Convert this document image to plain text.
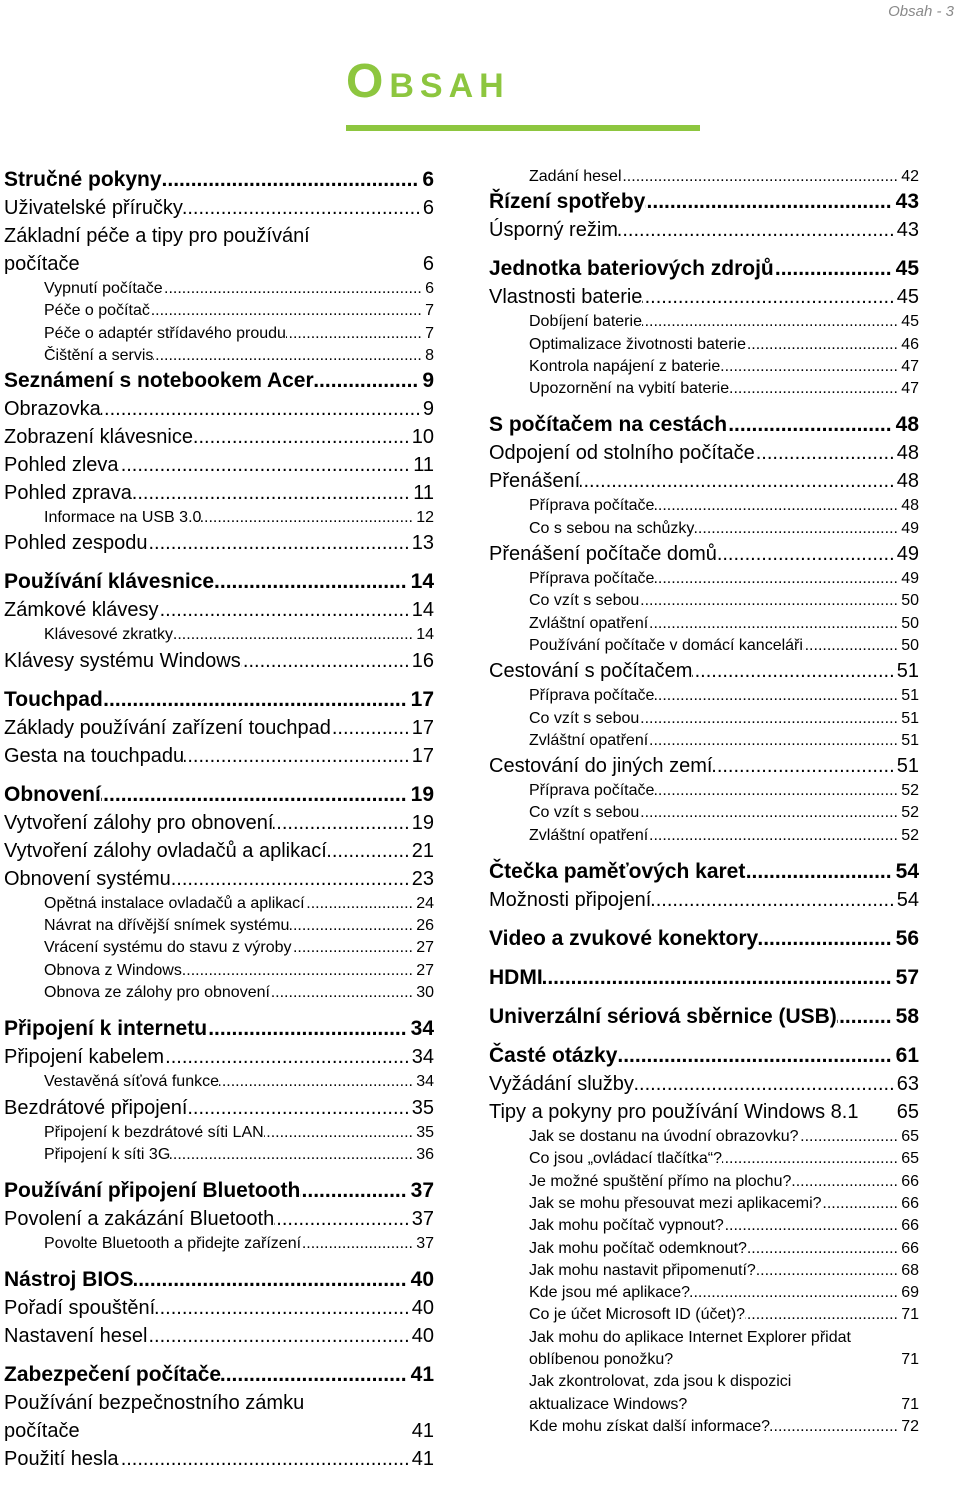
Obsah - 3
Obsah
Stručné pokyny	6
.....
Uživatelské příručky	6
.....
Základní péče a tipy pro používání počítače	6
Vypnutí počítače	6
.....
Péče o počítač	7
.....
Péče o adaptér střídavého proudu	7
.....
Čištění a servis	8
.....
Seznámení s notebookem Acer	9
.....
Obrazovka	9
.....
Zobrazení klávesnice	10
.....
Pohled zleva	11
.....
Pohled zprava	11
.....
Informace na USB 3.0	12
.....
Pohled zespodu	13
.....
Používání klávesnice	14
.....
Zámkové klávesy	14
.....
Klávesové zkratky	14
.....
Klávesy systému Windows	16
.....
Touchpad	17
.....
Základy používání zařízení touchpad	17
.....
Gesta na touchpadu	17
.....
Obnovení	19
.....
Vytvoření zálohy pro obnovení	19
.....
Vytvoření zálohy ovladačů a aplikací	21
.....
Obnovení systému	23
.....
Opětná instalace ovladačů a aplikací	24
.....
Návrat na dřívější snímek systému	26
.....
Vrácení systému do stavu z výroby	27
.....
Obnova z Windows	27
.....
Obnova ze zálohy pro obnovení	30
.....
Připojení k internetu	34
.....
Připojení kabelem	34
.....
Vestavěná síťová funkce	34
.....
Bezdrátové připojení	35
.....
Připojení k bezdrátové síti LAN	35
.....
Připojení k síti 3G	36
.....
Používání připojení Bluetooth	37
.....
Povolení a zakázání Bluetooth	37
.....
Povolte Bluetooth a přidejte zařízení	37
.....
Nástroj BIOS	40
.....
Pořadí spouštění	40
.....
Nastavení hesel	40
.....
Zabezpečení počítače	41
.....
Používání bezpečnostního zámku počítače	41
Použití hesla	41
.....
Zadání hesel	42
.....
Řízení spotřeby	43
.....
Úsporný režim	43
.....
Jednotka bateriových zdrojů	45
.....
Vlastnosti baterie	45
.....
Dobíjení baterie	45
.....
Optimalizace životnosti baterie	46
.....
Kontrola napájení z baterie	47
.....
Upozornění na vybití baterie	47
.....
S počítačem na cestách	48
.....
Odpojení od stolního počítače	48
.....
Přenášení	48
.....
Příprava počítače	48
.....
Co s sebou na schůzky	49
.....
Přenášení počítače domů	49
.....
Příprava počítače	49
.....
Co vzít s sebou	50
.....
Zvláštní opatření	50
.....
Používání počítače v domácí kanceláři	50
.....
Cestování s počítačem	51
.....
Příprava počítače	51
.....
Co vzít s sebou	51
.....
Zvláštní opatření	51
.....
Cestování do jiných zemí	51
.....
Příprava počítače	52
.....
Co vzít s sebou	52
.....
Zvláštní opatření	52
.....
Čtečka paměťových karet	54
.....
Možnosti připojení	54
.....
Video a zvukové konektory	56
.....
HDMI	57
.....
Univerzální sériová sběrnice (USB)	58
.....
Časté otázky	61
.....
Vyžádání služby	63
.....
Tipy a pokyny pro používání Windows 8.1	65
Jak se dostanu na úvodní obrazovku?	65
.....
Co jsou „ovládací tlačítka“?	65
.....
Je možné spuštění přímo na plochu?	66
.....
Jak se mohu přesouvat mezi aplikacemi?	66
.....
Jak mohu počítač vypnout?	66
.....
Jak mohu počítač odemknout?	66
.....
Jak mohu nastavit připomenutí?	68
.....
Kde jsou mé aplikace?	69
.....
Co je účet Microsoft ID (účet)?	71
.....
Jak mohu do aplikace Internet Explorer přidat oblíbenou ponožku?	71
Jak zkontrolovat, zda jsou k dispozici aktualizace Windows?	71
Kde mohu získat další informace?	72
.....
